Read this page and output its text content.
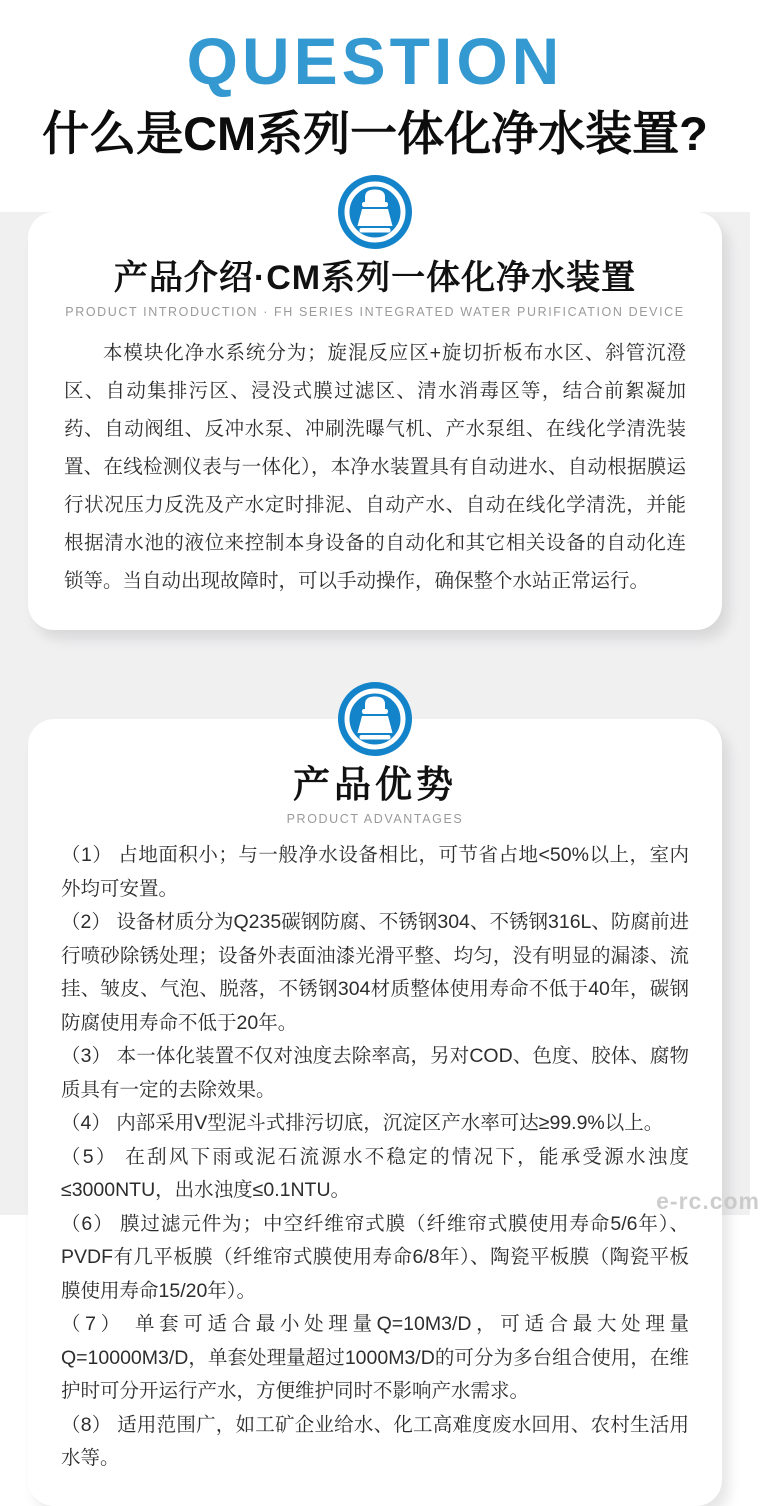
QUESTION
什么是CM系列一体化净水装置?
产品介绍·CM系列一体化净水装置
PRODUCT INTRODUCTION · FH SERIES INTEGRATED WATER PURIFICATION DEVICE
本模块化净水系统分为；旋混反应区+旋切折板布水区、斜管沉澄区、自动集排污区、浸没式膜过滤区、清水消毒区等，结合前絮凝加药、自动阀组、反冲水泵、冲刷洗曝气机、产水泵组、在线化学清洗装置、在线检测仪表与一体化），本净水装置具有自动进水、自动根据膜运行状况压力反洗及产水定时排泥、自动产水、自动在线化学清洗，并能根据清水池的液位来控制本身设备的自动化和其它相关设备的自动化连锁等。当自动出现故障时，可以手动操作，确保整个水站正常运行。
产品优势
PRODUCT ADVANTAGES
（1） 占地面积小；与一般净水设备相比，可节省占地<50%以上，室内外均可安置。
（2） 设备材质分为Q235碳钢防腐、不锈钢304、不锈钢316L、防腐前进行喷砂除锈处理；设备外表面油漆光滑平整、均匀，没有明显的漏漆、流挂、皱皮、气泡、脱落，不锈钢304材质整体使用寿命不低于40年，碳钢防腐使用寿命不低于20年。
（3） 本一体化装置不仅对浊度去除率高，另对COD、色度、胶体、腐物质具有一定的去除效果。
（4） 内部采用V型泥斗式排污切底，沉淀区产水率可达≥99.9%以上。
（5） 在刮风下雨或泥石流源水不稳定的情况下，能承受源水浊度≤3000NTU，出水浊度≤0.1NTU。
（6） 膜过滤元件为；中空纤维帘式膜（纤维帘式膜使用寿命5/6年）、PVDF有几平板膜（纤维帘式膜使用寿命6/8年）、陶瓷平板膜（陶瓷平板膜使用寿命15/20年）。
（7） 单套可适合最小处理量Q=10M3/D，可适合最大处理量Q=10000M3/D，单套处理量超过1000M3/D的可分为多台组合使用，在维护时可分开运行产水，方便维护同时不影响产水需求。
（8） 适用范围广，如工矿企业给水、化工高难度废水回用、农村生活用水等。
e-rc.com
